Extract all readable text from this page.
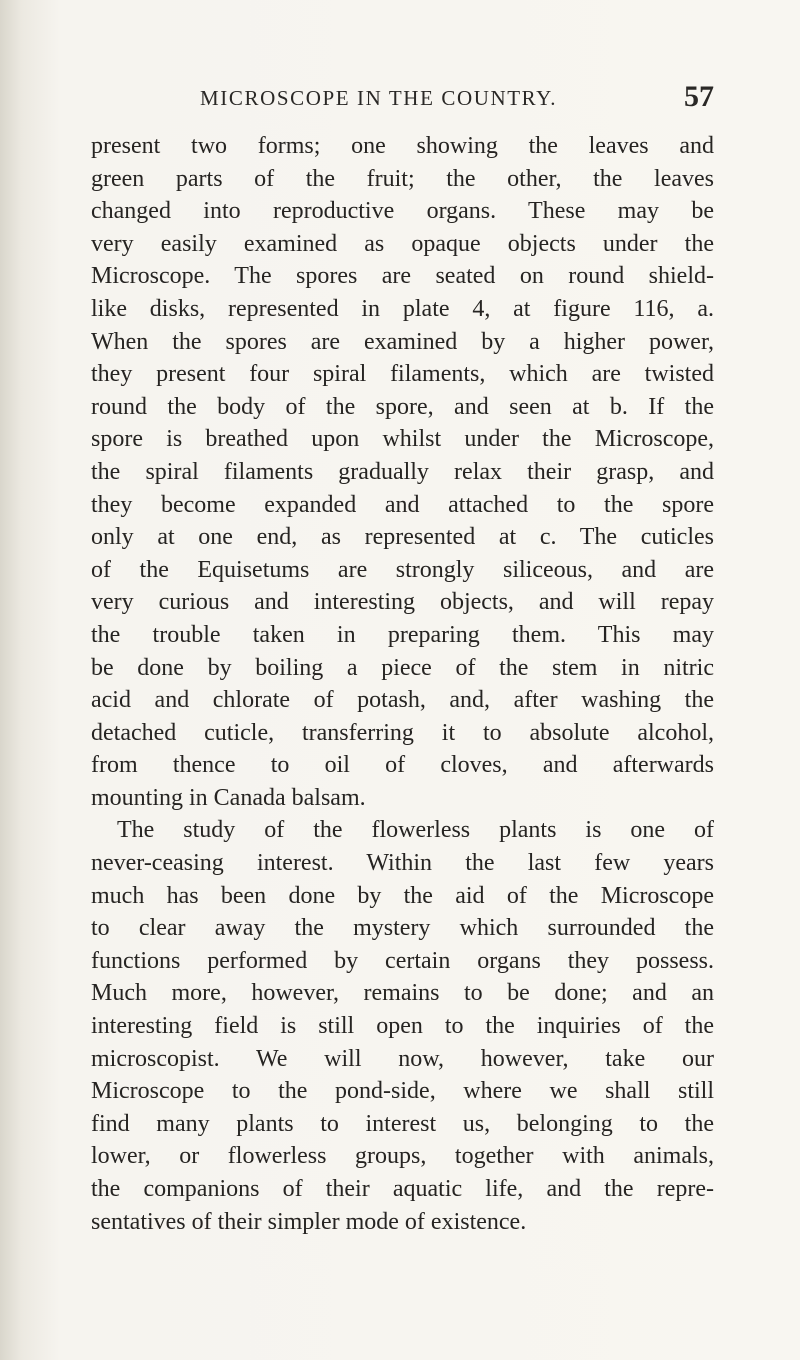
MICROSCOPE IN THE COUNTRY.	57
present two forms; one showing the leaves and
green parts of the fruit; the other, the leaves
changed into reproductive organs. These may be
very easily examined as opaque objects under the
Microscope. The spores are seated on round shield-
like disks, represented in plate 4, at figure 116, a.
When the spores are examined by a higher power,
they present four spiral filaments, which are twisted
round the body of the spore, and seen at b. If the
spore is breathed upon whilst under the Microscope,
the spiral filaments gradually relax their grasp, and
they become expanded and attached to the spore
only at one end, as represented at c. The cuticles
of the Equisetums are strongly siliceous, and are
very curious and interesting objects, and will repay
the trouble taken in preparing them. This may
be done by boiling a piece of the stem in nitric
acid and chlorate of potash, and, after washing the
detached cuticle, transferring it to absolute alcohol,
from thence to oil of cloves, and afterwards
mounting in Canada balsam.
The study of the flowerless plants is one of
never-ceasing interest. Within the last few years
much has been done by the aid of the Microscope
to clear away the mystery which surrounded the
functions performed by certain organs they possess.
Much more, however, remains to be done; and an
interesting field is still open to the inquiries of the
microscopist. We will now, however, take our
Microscope to the pond-side, where we shall still
find many plants to interest us, belonging to the
lower, or flowerless groups, together with animals,
the companions of their aquatic life, and the repre-
sentatives of their simpler mode of existence.
